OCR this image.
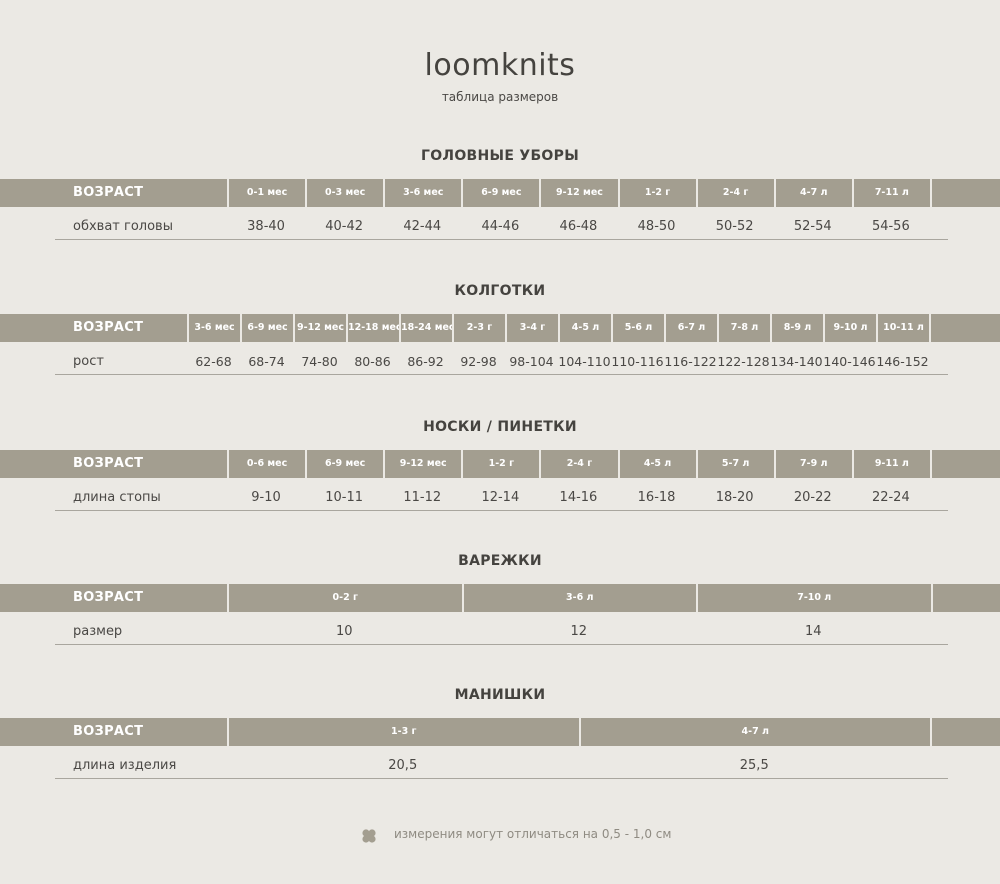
loomknits
таблица размеров
ГОЛОВНЫЕ УБОРЫ
ВОЗРАСТ	0-1 мес	0-3 мес	3-6 мес	6-9 мес	9-12 мес	1-2 г	2-4 г	4-7 л	7-11 л
обхват головы	38-40	40-42	42-44	44-46	46-48	48-50	50-52	52-54	54-56
КОЛГОТКИ
ВОЗРАСТ	3-6 мес	6-9 мес 9-12 мес 12-18 мес 18-24 мес	2-3 г	3-4 г	4-5 л	5-6 л	6-7 л	7-8 л	8-9 л	9-10 л	10-11 л
рост	62-68	68-74	74-80	80-86	86-92	92-98	98-104 104-110 110-116 116-122 122-128 134-140 140-146 146-152
НОСКИ / ПИНЕТКИ
ВОЗРАСТ	0-6 мес	6-9 мес	9-12 мес	1-2 г	2-4 г	4-5 л	5-7 л	7-9 л	9-11 л
длина стопы	9-10	10-11	11-12	12-14	14-16	16-18	18-20	20-22	22-24
ВАРЕЖКИ
ВОЗРАСТ	0-2 г	3-6 л	7-10 л
размер	10	12	14
МАНИШКИ
ВОЗРАСТ	1-3 г	4-7 л
длина изделия	20,5	25,5
измерения могут отличаться на 0,5 - 1,0 см
